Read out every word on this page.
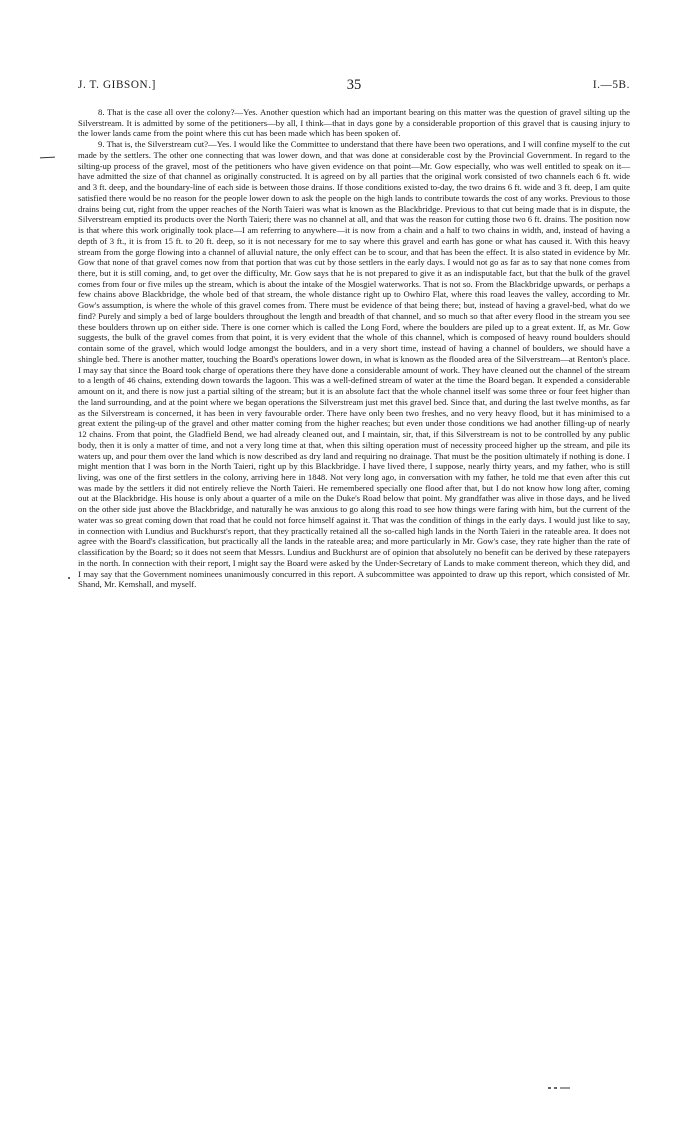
J. T. GIBSON.]	35	I.—5B.

8. That is the case all over the colony?—Yes. Another question which had an important bearing on this matter was the question of gravel silting up the Silverstream. It is admitted by some of the petitioners—by all, I think—that in days gone by a considerable proportion of this gravel that is causing injury to the lower lands came from the point where this cut has been made which has been spoken of.

9. That is, the Silverstream cut?—Yes. I would like the Committee to understand that there have been two operations, and I will confine myself to the cut made by the settlers. The other one connecting that was lower down, and that was done at considerable cost by the Provincial Government. In regard to the silting-up process of the gravel, most of the petitioners who have given evidence on that point—Mr. Gow especially, who was well entitled to speak on it—have admitted the size of that channel as originally constructed. It is agreed on by all parties that the original work consisted of two channels each 6 ft. wide and 3 ft. deep, and the boundary-line of each side is between those drains. If those conditions existed to-day, the two drains 6 ft. wide and 3 ft. deep, I am quite satisfied there would be no reason for the people lower down to ask the people on the high lands to contribute towards the cost of any works. Previous to those drains being cut, right from the upper reaches of the North Taieri was what is known as the Blackbridge. Previous to that cut being made that is in dispute, the Silverstream emptied its products over the North Taieri; there was no channel at all, and that was the reason for cutting those two 6 ft. drains. The position now is that where this work originally took place—I am referring to anywhere—it is now from a chain and a half to two chains in width, and, instead of having a depth of 3 ft., it is from 15 ft. to 20 ft. deep, so it is not necessary for me to say where this gravel and earth has gone or what has caused it. With this heavy stream from the gorge flowing into a channel of alluvial nature, the only effect can be to scour, and that has been the effect. It is also stated in evidence by Mr. Gow that none of that gravel comes now from that portion that was cut by those settlers in the early days. I would not go as far as to say that none comes from there, but it is still coming, and, to get over the difficulty, Mr. Gow says that he is not prepared to give it as an indisputable fact, but that the bulk of the gravel comes from four or five miles up the stream, which is about the intake of the Mosgiel waterworks. That is not so. From the Blackbridge upwards, or perhaps a few chains above Blackbridge, the whole bed of that stream, the whole distance right up to Owhiro Flat, where this road leaves the valley, according to Mr. Gow's assumption, is where the whole of this gravel comes from. There must be evidence of that being there; but, instead of having a gravel-bed, what do we find? Purely and simply a bed of large boulders throughout the length and breadth of that channel, and so much so that after every flood in the stream you see these boulders thrown up on either side. There is one corner which is called the Long Ford, where the boulders are piled up to a great extent. If, as Mr. Gow suggests, the bulk of the gravel comes from that point, it is very evident that the whole of this channel, which is composed of heavy round boulders should contain some of the gravel, which would lodge amongst the boulders, and in a very short time, instead of having a channel of boulders, we should have a shingle bed. There is another matter, touching the Board's operations lower down, in what is known as the flooded area of the Silverstream—at Renton's place. I may say that since the Board took charge of operations there they have done a considerable amount of work. They have cleaned out the channel of the stream to a length of 46 chains, extending down towards the lagoon. This was a well-defined stream of water at the time the Board began. It expended a considerable amount on it, and there is now just a partial silting of the stream; but it is an absolute fact that the whole channel itself was some three or four feet higher than the land surrounding, and at the point where we began operations the Silverstream just met this gravel bed. Since that, and during the last twelve months, as far as the Silverstream is concerned, it has been in very favourable order. There have only been two freshes, and no very heavy flood, but it has minimised to a great extent the piling-up of the gravel and other matter coming from the higher reaches; but even under those conditions we had another filling-up of nearly 12 chains. From that point, the Gladfield Bend, we had already cleaned out, and I maintain, sir, that, if this Silverstream is not to be controlled by any public body, then it is only a matter of time, and not a very long time at that, when this silting operation must of necessity proceed higher up the stream, and pile its waters up, and pour them over the land which is now described as dry land and requiring no drainage. That must be the position ultimately if nothing is done. I might mention that I was born in the North Taieri, right up by this Blackbridge. I have lived there, I suppose, nearly thirty years, and my father, who is still living, was one of the first settlers in the colony, arriving here in 1848. Not very long ago, in conversation with my father, he told me that even after this cut was made by the settlers it did not entirely relieve the North Taieri. He remembered specially one flood after that, but I do not know how long after, coming out at the Blackbridge. His house is only about a quarter of a mile on the Duke's Road below that point. My grandfather was alive in those days, and he lived on the other side just above the Blackbridge, and naturally he was anxious to go along this road to see how things were faring with him, but the current of the water was so great coming down that road that he could not force himself against it. That was the condition of things in the early days. I would just like to say, in connection with Lundius and Buckhurst's report, that they practically retained all the so-called high lands in the North Taieri in the rateable area. It does not agree with the Board's classification, but practically all the lands in the rateable area; and more particularly in Mr. Gow's case, they rate higher than the rate of classification by the Board; so it does not seem that Messrs. Lundius and Buckhurst are of opinion that absolutely no benefit can be derived by these ratepayers in the north. In connection with their report, I might say the Board were asked by the Under-Secretary of Lands to make comment thereon, which they did, and I may say that the Government nominees unanimously concurred in this report. A subcommittee was appointed to draw up this report, which consisted of Mr. Shand, Mr. Kemshall, and myself.
